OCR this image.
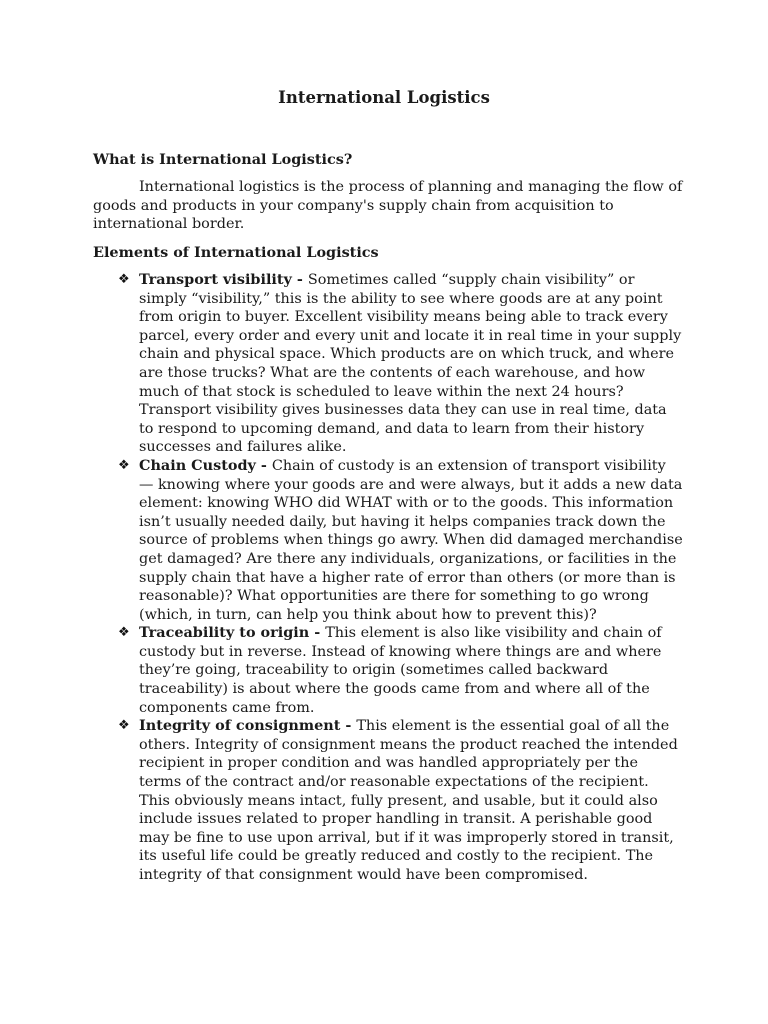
International Logistics
What is International Logistics?

International logistics is the process of planning and managing the flow of goods and products in your company's supply chain from acquisition to international border.

Elements of International Logistics
❖ Transport visibility - Sometimes called “supply chain visibility” or simply “visibility,” this is the ability to see where goods are at any point from origin to buyer. Excellent visibility means being able to track every parcel, every order and every unit and locate it in real time in your supply chain and physical space. Which products are on which truck, and where are those trucks? What are the contents of each warehouse, and how much of that stock is scheduled to leave within the next 24 hours? Transport visibility gives businesses data they can use in real time, data to respond to upcoming demand, and data to learn from their history successes and failures alike.
❖ Chain Custody - Chain of custody is an extension of transport visibility — knowing where your goods are and were always, but it adds a new data element: knowing WHO did WHAT with or to the goods. This information isn’t usually needed daily, but having it helps companies track down the source of problems when things go awry. When did damaged merchandise get damaged? Are there any individuals, organizations, or facilities in the supply chain that have a higher rate of error than others (or more than is reasonable)? What opportunities are there for something to go wrong (which, in turn, can help you think about how to prevent this)?
❖ Traceability to origin - This element is also like visibility and chain of custody but in reverse. Instead of knowing where things are and where they’re going, traceability to origin (sometimes called backward traceability) is about where the goods came from and where all of the components came from.
❖ Integrity of consignment - This element is the essential goal of all the others. Integrity of consignment means the product reached the intended recipient in proper condition and was handled appropriately per the terms of the contract and/or reasonable expectations of the recipient. This obviously means intact, fully present, and usable, but it could also include issues related to proper handling in transit. A perishable good may be fine to use upon arrival, but if it was improperly stored in transit, its useful life could be greatly reduced and costly to the recipient. The integrity of that consignment would have been compromised.
